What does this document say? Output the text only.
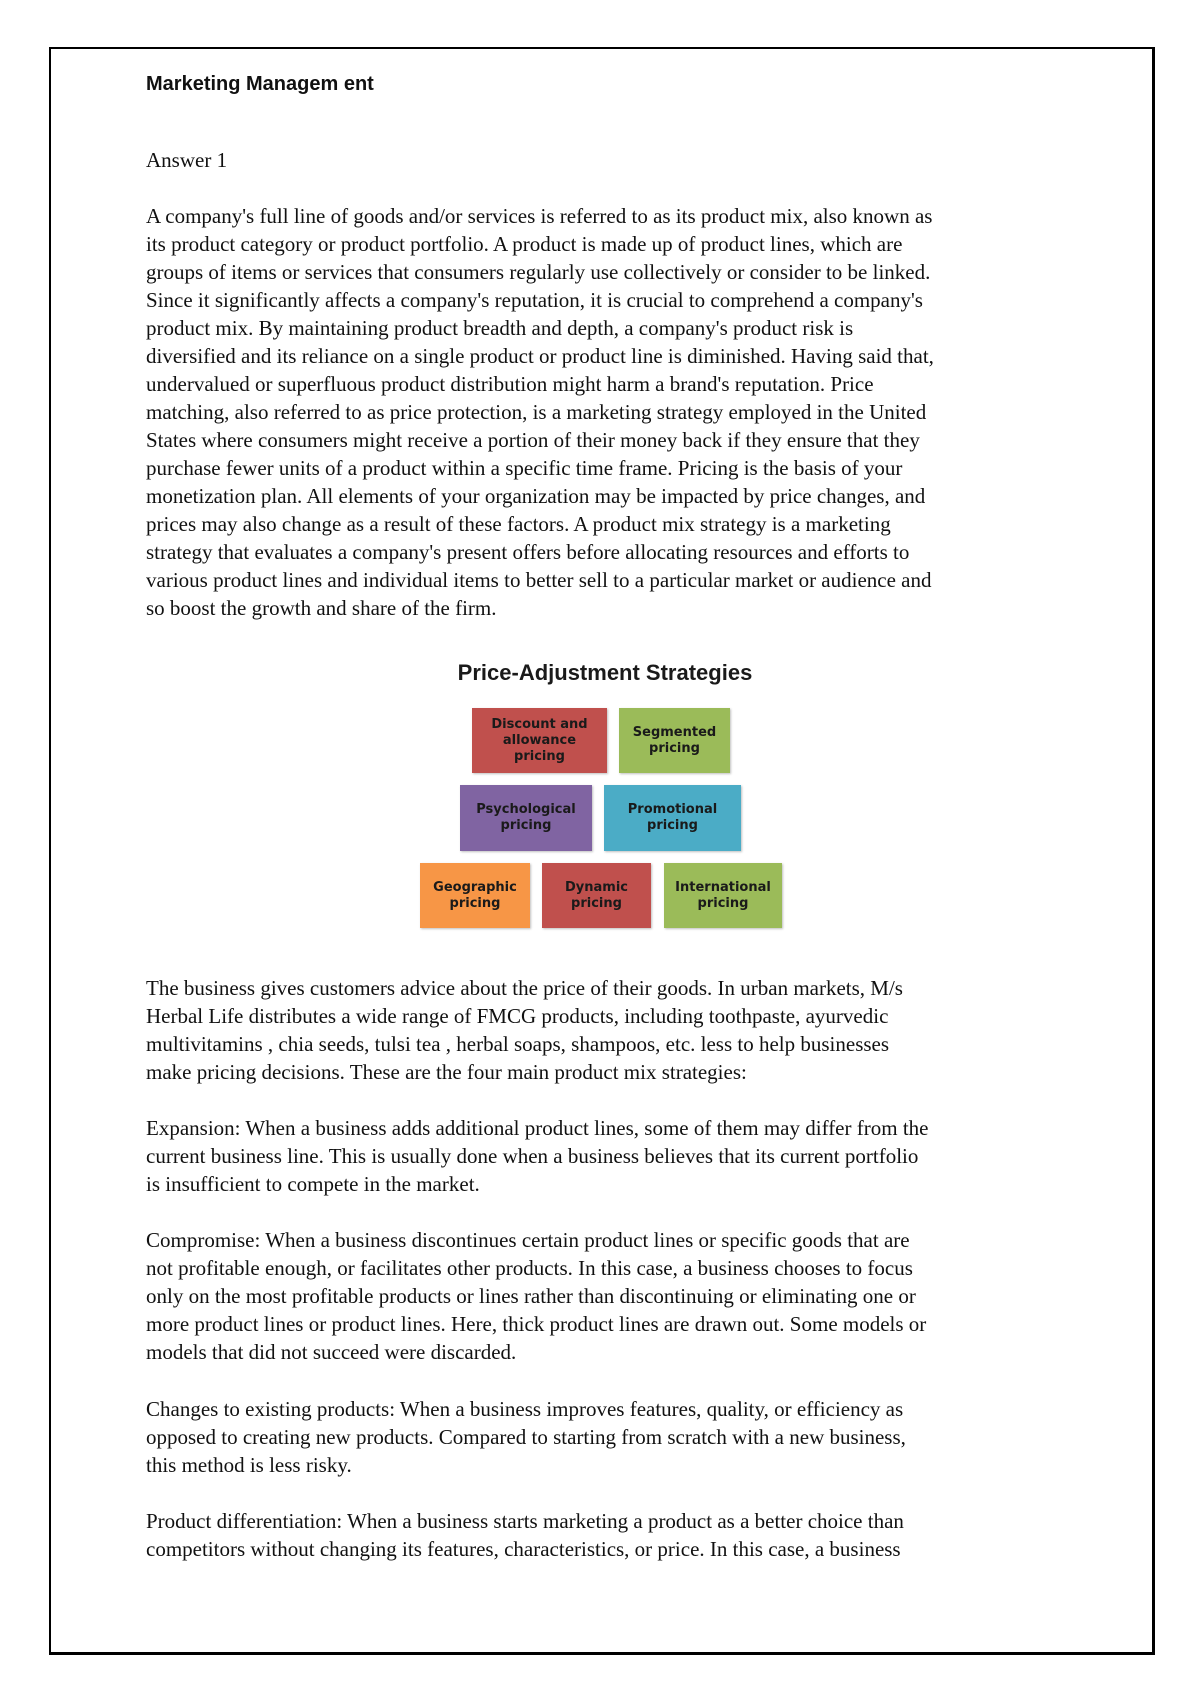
Marketing Managem ent
Answer 1
A company's full line of goods and/or services is referred to as its product mix, also known as
its product category or product portfolio. A product is made up of product lines, which are
groups of items or services that consumers regularly use collectively or consider to be linked.
Since it significantly affects a company's reputation, it is crucial to comprehend a company's
product mix. By maintaining product breadth and depth, a company's product risk is
diversified and its reliance on a single product or product line is diminished. Having said that,
undervalued or superfluous product distribution might harm a brand's reputation. Price
matching, also referred to as price protection, is a marketing strategy employed in the United
States where consumers might receive a portion of their money back if they ensure that they
purchase fewer units of a product within a specific time frame. Pricing is the basis of your
monetization plan. All elements of your organization may be impacted by price changes, and
prices may also change as a result of these factors. A product mix strategy is a marketing
strategy that evaluates a company's present offers before allocating resources and efforts to
various product lines and individual items to better sell to a particular market or audience and
so boost the growth and share of the firm.
Price-Adjustment Strategies
Discount and allowance pricing
Segmented pricing
Psychological pricing
Promotional pricing
Geographic pricing
Dynamic pricing
International pricing
The business gives customers advice about the price of their goods. In urban markets, M/s
Herbal Life distributes a wide range of FMCG products, including toothpaste, ayurvedic
multivitamins , chia seeds, tulsi tea , herbal soaps, shampoos, etc. less to help businesses
make pricing decisions. These are the four main product mix strategies:
Expansion: When a business adds additional product lines, some of them may differ from the
current business line. This is usually done when a business believes that its current portfolio
is insufficient to compete in the market.
Compromise: When a business discontinues certain product lines or specific goods that are
not profitable enough, or facilitates other products. In this case, a business chooses to focus
only on the most profitable products or lines rather than discontinuing or eliminating one or
more product lines or product lines. Here, thick product lines are drawn out. Some models or
models that did not succeed were discarded.
Changes to existing products: When a business improves features, quality, or efficiency as
opposed to creating new products. Compared to starting from scratch with a new business,
this method is less risky.
Product differentiation: When a business starts marketing a product as a better choice than
competitors without changing its features, characteristics, or price. In this case, a business
